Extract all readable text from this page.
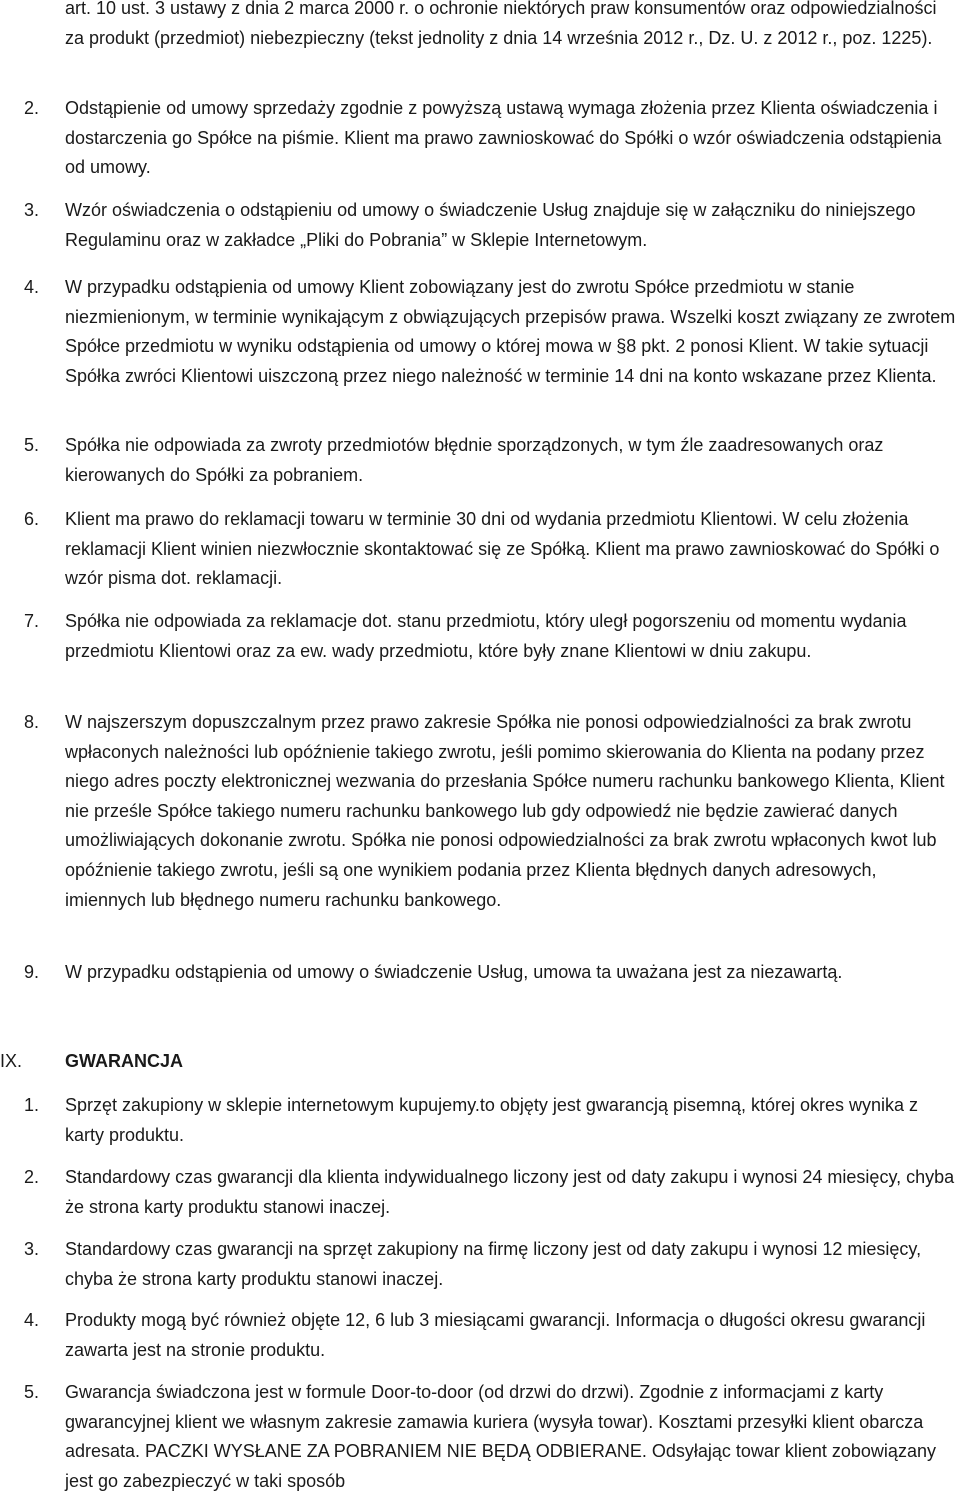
art. 10 ust. 3 ustawy z dnia 2 marca 2000 r. o ochronie niektórych praw konsumentów oraz odpowiedzialności za produkt (przedmiot) niebezpieczny (tekst jednolity z dnia 14 września 2012 r., Dz. U. z 2012 r., poz. 1225).
2.	Odstąpienie od umowy sprzedaży zgodnie z powyższą ustawą wymaga złożenia przez Klienta oświadczenia i dostarczenia go Spółce na piśmie. Klient ma prawo zawnioskować do Spółki o wzór oświadczenia odstąpienia od umowy.
3.	Wzór oświadczenia o odstąpieniu od umowy o świadczenie Usług znajduje się w załączniku do niniejszego Regulaminu oraz w zakładce „Pliki do Pobrania” w Sklepie Internetowym.
4.	W przypadku odstąpienia od umowy Klient zobowiązany jest do zwrotu Spółce przedmiotu w stanie niezmienionym, w terminie wynikającym z obwiązujących przepisów prawa. Wszelki koszt związany ze zwrotem Spółce przedmiotu w wyniku odstąpienia od umowy o której mowa w §8 pkt. 2 ponosi Klient. W takie sytuacji Spółka zwróci Klientowi uiszczoną przez niego należność w terminie 14 dni na konto wskazane przez Klienta.
5.	Spółka nie odpowiada za zwroty przedmiotów błędnie sporządzonych, w tym źle zaadresowanych oraz kierowanych do Spółki za pobraniem.
6.	Klient ma prawo do reklamacji towaru w terminie 30 dni od wydania przedmiotu Klientowi. W celu złożenia reklamacji Klient winien niezwłocznie skontaktować się ze Spółką. Klient ma prawo zawnioskować do Spółki o wzór pisma dot. reklamacji.
7.	Spółka nie odpowiada za reklamacje dot. stanu przedmiotu, który uległ pogorszeniu od momentu wydania przedmiotu Klientowi oraz za ew. wady przedmiotu, które były znane Klientowi w dniu zakupu.
8.	W najszerszym dopuszczalnym przez prawo zakresie Spółka nie ponosi odpowiedzialności za brak zwrotu wpłaconych należności lub opóźnienie takiego zwrotu, jeśli pomimo skierowania do Klienta na podany przez niego adres poczty elektronicznej wezwania do przesłania Spółce numeru rachunku bankowego Klienta, Klient nie prześle Spółce takiego numeru rachunku bankowego lub gdy odpowiedź nie będzie zawierać danych umożliwiających dokonanie zwrotu. Spółka nie ponosi odpowiedzialności za brak zwrotu wpłaconych kwot lub opóźnienie takiego zwrotu, jeśli są one wynikiem podania przez Klienta błędnych danych adresowych, imiennych lub błędnego numeru rachunku bankowego.
9.	W przypadku odstąpienia od umowy o świadczenie Usług, umowa ta uważana jest za niezawartą.
IX. GWARANCJA
1.	Sprzęt zakupiony w sklepie internetowym kupujemy.to objęty jest gwarancją pisemną, której okres wynika z karty produktu.
2.	Standardowy czas gwarancji dla klienta indywidualnego liczony jest od daty zakupu i wynosi 24 miesięcy, chyba że strona karty produktu stanowi inaczej.
3.	Standardowy czas gwarancji na sprzęt zakupiony na firmę liczony jest od daty zakupu i wynosi 12 miesięcy, chyba że strona karty produktu stanowi inaczej.
4.	Produkty mogą być również objęte 12, 6 lub 3 miesiącami gwarancji. Informacja o długości okresu gwarancji zawarta jest na stronie produktu.
5.	Gwarancja świadczona jest w formule Door-to-door (od drzwi do drzwi). Zgodnie z informacjami z karty gwarancyjnej klient we własnym zakresie zamawia kuriera (wysyła towar). Kosztami przesyłki klient obarcza adresata. PACZKI WYSŁANE ZA POBRANIEM NIE BĘDĄ ODBIERANE. Odsyłając towar klient zobowiązany jest go zabezpieczyć w taki sposób
